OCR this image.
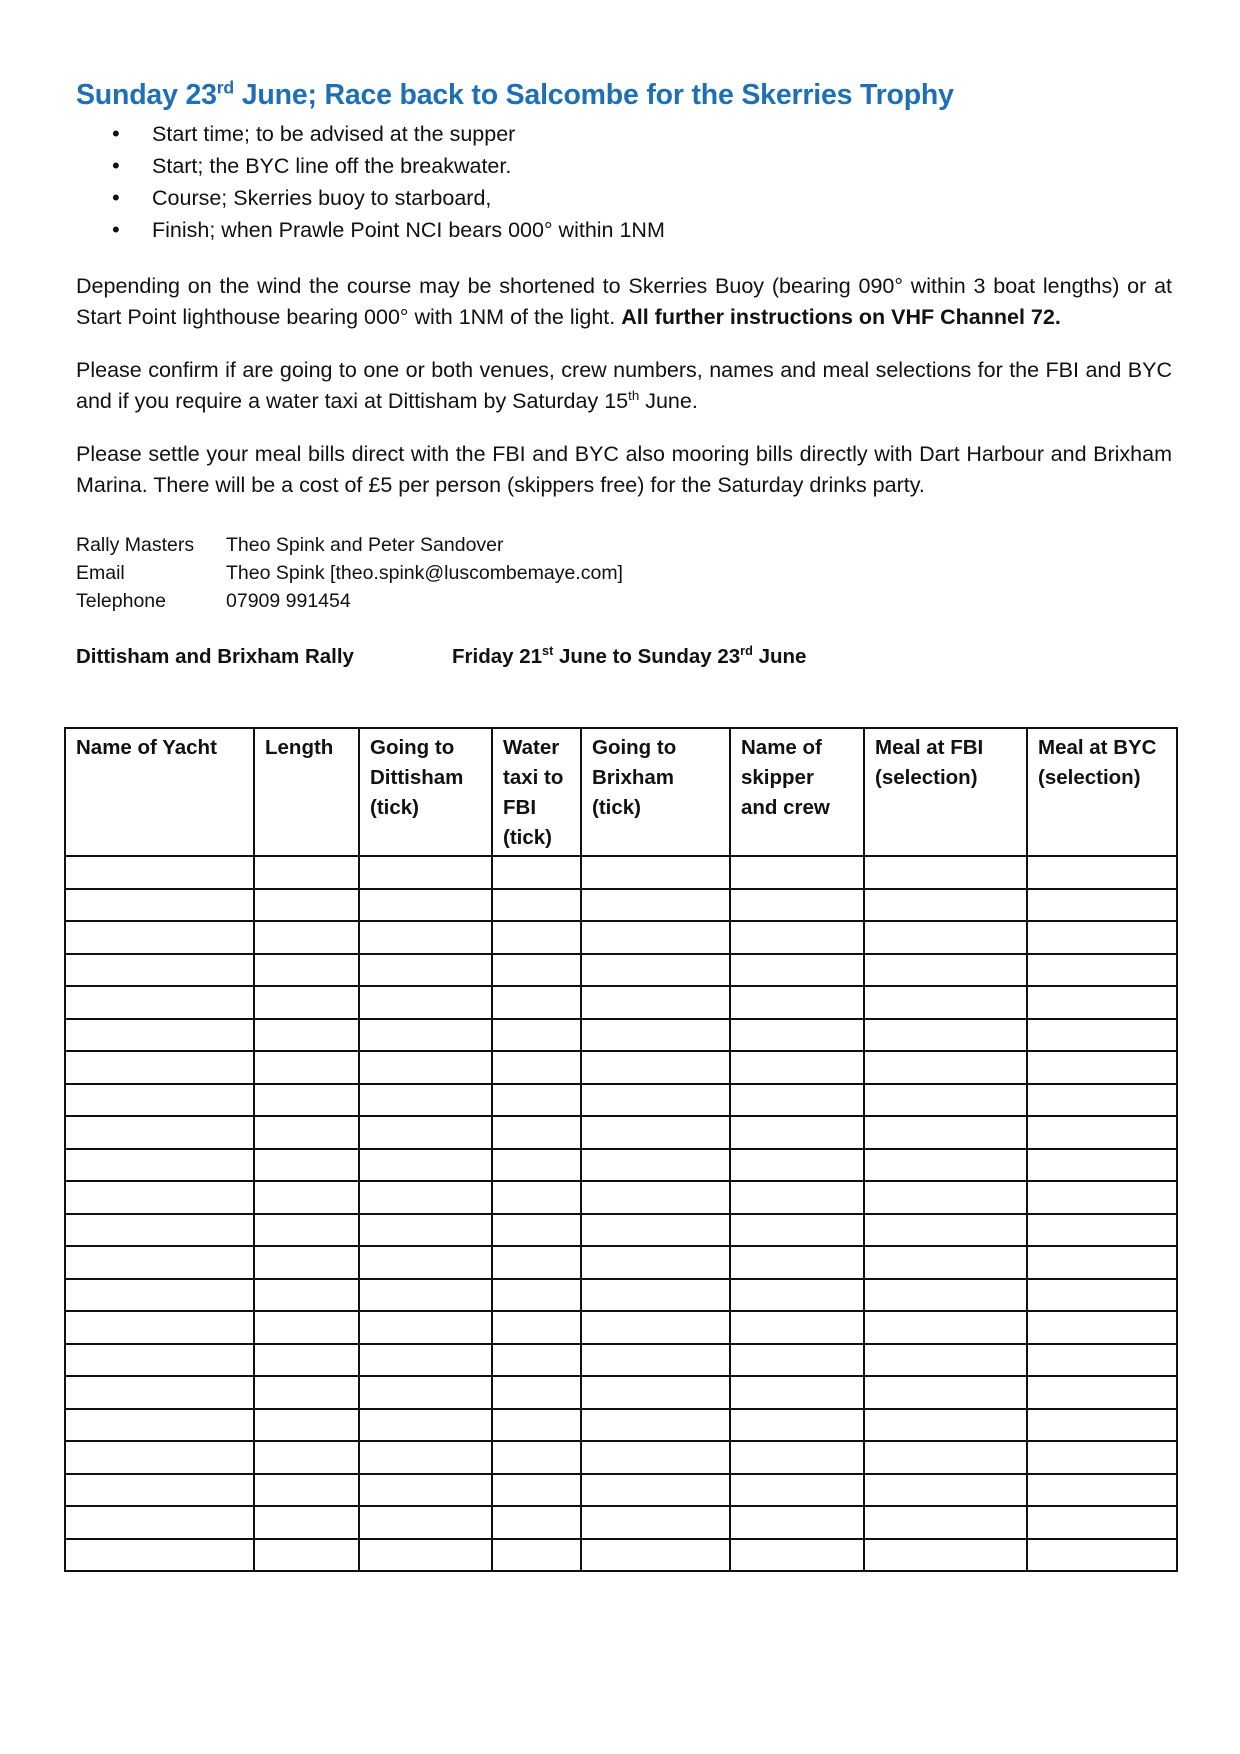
Sunday 23rd June; Race back to Salcombe for the Skerries Trophy
• Start time; to be advised at the supper
• Start; the BYC line off the breakwater.
• Course; Skerries buoy to starboard,
• Finish; when Prawle Point NCI bears 000° within 1NM

Depending on the wind the course may be shortened to Skerries Buoy (bearing 090° within 3 boat lengths) or at Start Point lighthouse bearing 000° with 1NM of the light. All further instructions on VHF Channel 72.

Please confirm if are going to one or both venues, crew numbers, names and meal selections for the FBI and BYC and if you require a water taxi at Dittisham by Saturday 15th June.

Please settle your meal bills direct with the FBI and BYC also mooring bills directly with Dart Harbour and Brixham Marina. There will be a cost of £5 per person (skippers free) for the Saturday drinks party.

Rally Masters	Theo Spink and Peter Sandover
Email	Theo Spink [theo.spink@luscombemaye.com]
Telephone	07909 991454
Dittisham and Brixham Rally	Friday 21st June to Sunday 23rd June
Name of Yacht	Length	Going to Dittisham (tick)	Water taxi to FBI (tick)	Going to Brixham (tick)	Name of skipper and crew	Meal at FBI (selection)	Meal at BYC (selection)
